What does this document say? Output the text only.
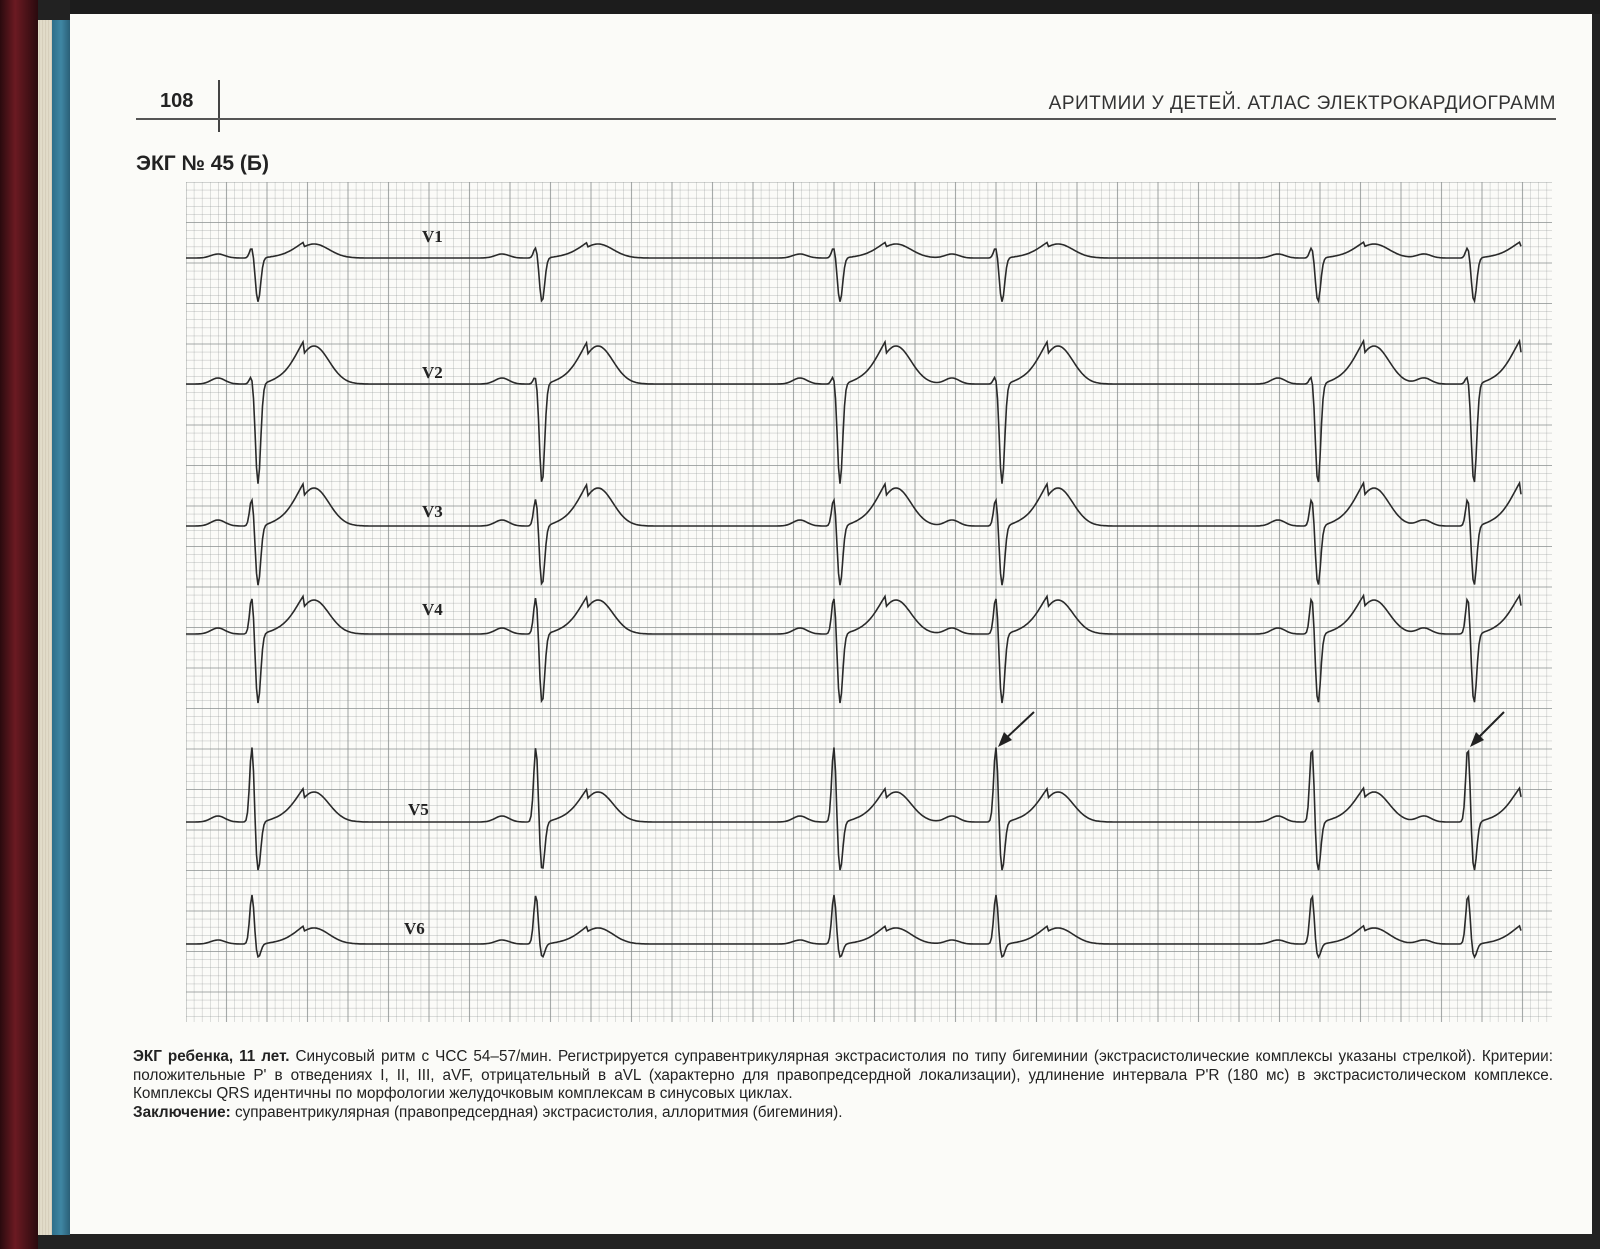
108	АРИТМИИ У ДЕТЕЙ. АТЛАС ЭЛЕКТРОКАРДИОГРАММ
ЭКГ № 45 (Б)
V1
V2
V3
V4
V5
V6

ЭКГ ребенка, 11 лет. Синусовый ритм с ЧСС 54–57/мин. Регистрируется суправентрикулярная экстрасистолия по типу бигеминии (экстрасистолические комплексы указаны стрелкой). Критерии: положительные P' в отведениях I, II, III, aVF, отрицательный в aVL (характерно для правопредсердной локализации), удлинение интервала P'R (180 мс) в экстрасистолическом комплексе. Комплексы QRS идентичны по морфологии желудочковым комплексам в синусовых циклах.

Заключение: суправентрикулярная (правопредсердная) экстрасистолия, аллоритмия (бигеминия).
